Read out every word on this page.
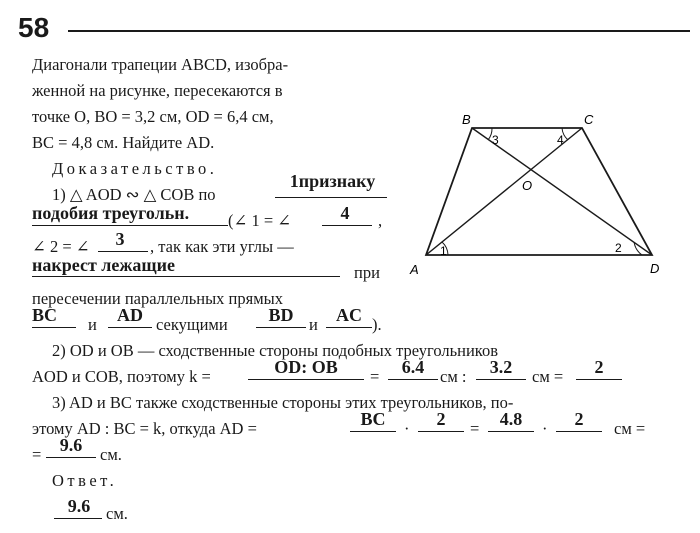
58
Диагонали трапеции ABCD, изобра-
женной на рисунке, пересекаются в
точке O, BO = 3,2 см, OD = 6,4 см,
BC = 4,8 см. Найдите AD.
Доказательство.
1) △ AOD ∾ △ COB по
1признаку
подобия треугольн.	(∠ 1 = ∠	4	,
∠ 2 = ∠	3	, так как эти углы —
накрест лежащие	при
пересечении параллельных прямых
BC	и	AD секущими	BD и	AC ).
2) OD и OB — сходственные стороны подобных треугольников
AOD и COB, поэтому k =	OD: OB	=	6.4 см :	3.2	см =	2
3) AD и BC также сходственные стороны этих треугольников, по-
этому AD : BC = k, откуда AD =	BC	·	2	=	4.8	·	2	см =
=	9.6	см.
Ответ.
9.6 см.
A
B	C
D
O
1	2
3	4
